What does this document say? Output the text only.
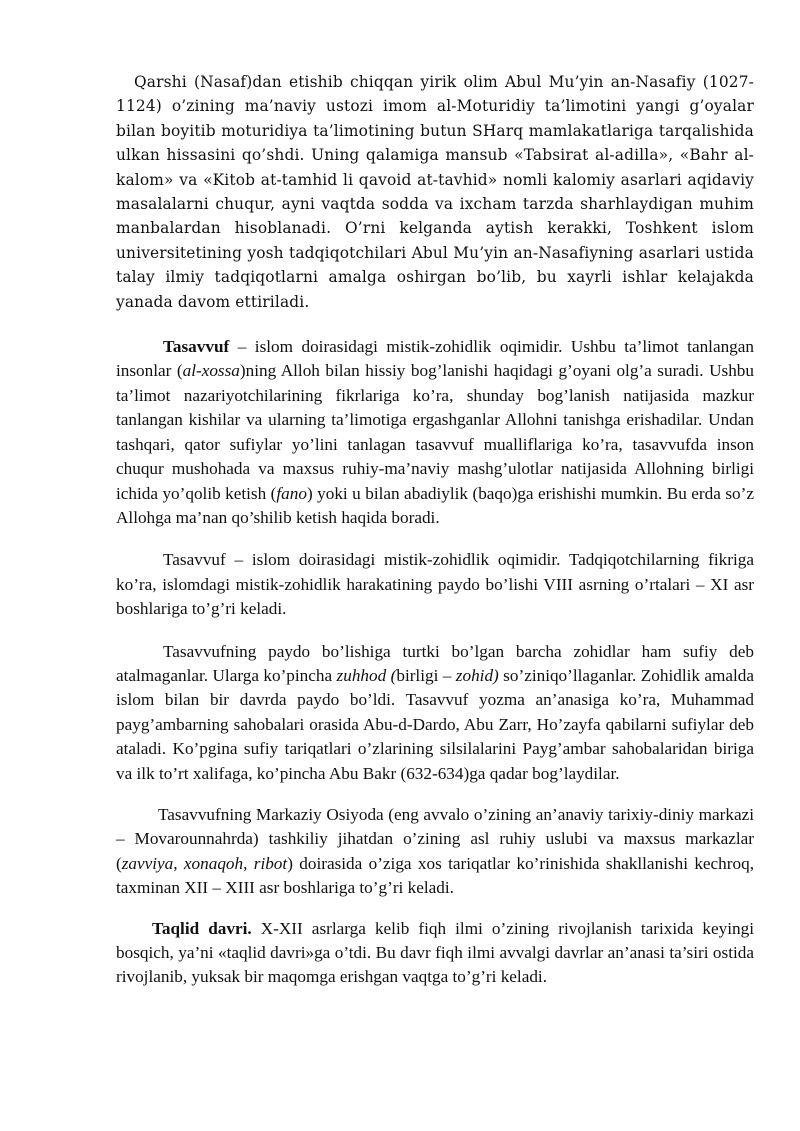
Qarshi (Nasaf)dan etishib chiqqan yirik olim Abul Mu’yin an-Nasafiy (1027-1124) o’zining ma’naviy ustozi imom al-Moturidiy ta’limotini yangi g’oyalar bilan boyitib moturidiya ta’limotining butun SHarq mamlakatlariga tarqalishida ulkan hissasini qo’shdi. Uning qalamiga mansub «Tabsirat al-adilla», «Bahr al-kalom» va «Kitob at-tamhid li qavoid at-tavhid» nomli kalomiy asarlari aqidaviy masalalarni chuqur, ayni vaqtda sodda va ixcham tarzda sharhlaydigan muhim manbalardan hisoblanadi. O’rni kelganda aytish kerakki, Toshkent islom universitetining yosh tadqiqotchilari Abul Mu’yin an-Nasafiyning asarlari ustida talay ilmiy tadqiqotlarni amalga oshirgan bo’lib, bu xayrli ishlar kelajakda yanada davom ettiriladi.

Tasavvuf – islom doirasidagi mistik-zohidlik oqimidir. Ushbu ta’limot tanlangan insonlar (al-xossa)ning Alloh bilan hissiy bog’lanishi haqidagi g’oyani olg’a suradi. Ushbu ta’limot nazariyotchilarining fikrlariga ko’ra, shunday bog’lanish natijasida mazkur tanlangan kishilar va ularning ta’limotiga ergashganlar Allohni tanishga erishadilar. Undan tashqari, qator sufiylar yo’lini tanlagan tasavvuf mualliflariga ko’ra, tasavvufda inson chuqur mushohada va maxsus ruhiy-ma’naviy mashg’ulotlar natijasida Allohning birligi ichida yo’qolib ketish (fano) yoki u bilan abadiylik (baqo)ga erishishi mumkin. Bu erda so’z Allohga ma’nan qo’shilib ketish haqida boradi.

Tasavvuf – islom doirasidagi mistik-zohidlik oqimidir. Tadqiqotchilarning fikriga ko’ra, islomdagi mistik-zohidlik harakatining paydo bo’lishi VIII asrning o’rtalari – XI asr boshlariga to’g’ri keladi.

Tasavvufning paydo bo’lishiga turtki bo’lgan barcha zohidlar ham sufiy deb atalmaganlar. Ularga ko’pincha zuhhod (birligi – zohid) so’ziniqo’llaganlar. Zohidlik amalda islom bilan bir davrda paydo bo’ldi. Tasavvuf yozma an’anasiga ko’ra, Muhammad payg’ambarning sahobalari orasida Abu-d-Dardo, Abu Zarr, Ho’zayfa qabilarni sufiylar deb ataladi. Ko’pgina sufiy tariqatlari o’zlarining silsilalarini Payg’ambar sahobalaridan biriga va ilk to’rt xalifaga, ko’pincha Abu Bakr (632-634)ga qadar bog’laydilar.

Tasavvufning Markaziy Osiyoda (eng avvalo o’zining an’anaviy tarixiy-diniy markazi – Movarounnahrda) tashkiliy jihatdan o’zining asl ruhiy uslubi va maxsus markazlar (zavviya, xonaqoh, ribot) doirasida o’ziga xos tariqatlar ko’rinishida shakllanishi kechroq, taxminan XII – XIII asr boshlariga to’g’ri keladi.

Taqlid davri. X-XII asrlarga kelib fiqh ilmi o’zining rivojlanish tarixida keyingi bosqich, ya’ni «taqlid davri»ga o’tdi. Bu davr fiqh ilmi avvalgi davrlar an’anasi ta’siri ostida rivojlanib, yuksak bir maqomga erishgan vaqtga to’g’ri keladi.
